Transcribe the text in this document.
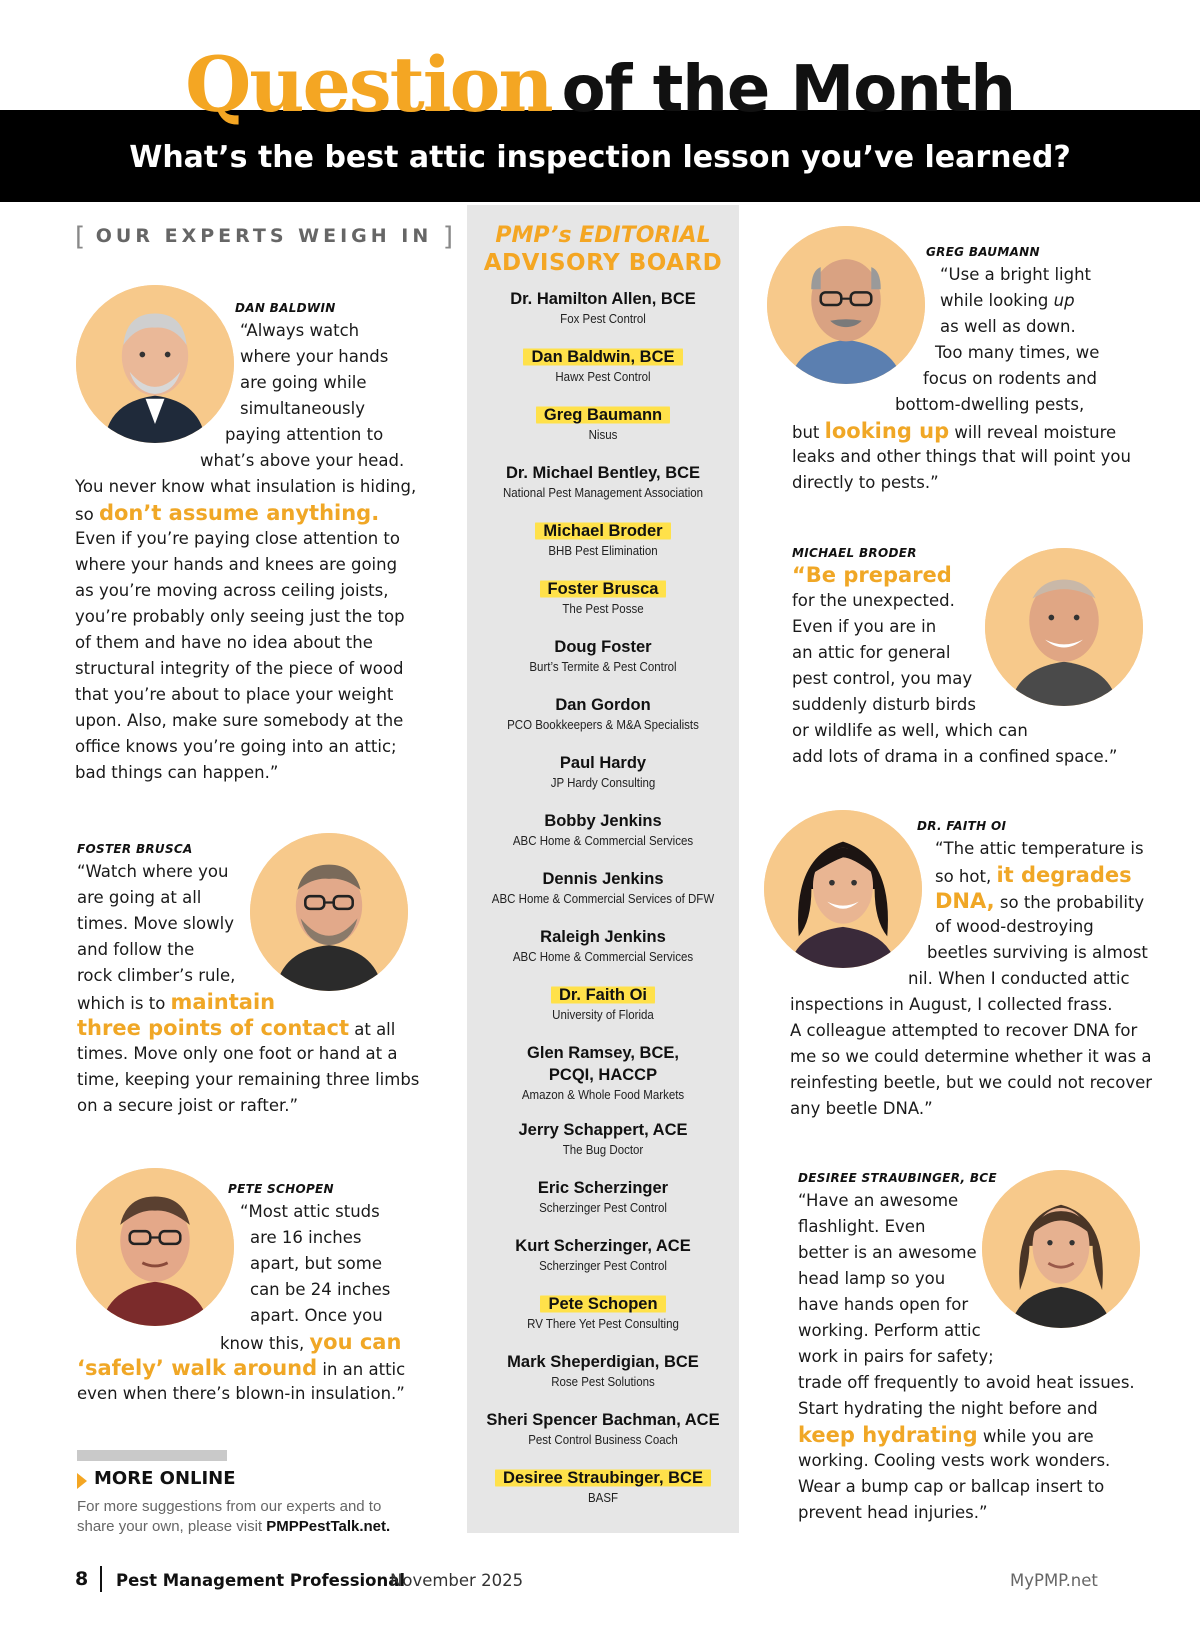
Question of the Month
What’s the best attic inspection lesson you’ve learned?
[ OUR EXPERTS WEIGH IN ]
DAN BALDWIN
FOSTER BRUSCA
PETE SCHOPEN
GREG BAUMANN
MICHAEL BRODER
DR. FAITH OI
DESIREE STRAUBINGER, BCE
“Always watch
where your hands
are going while
simultaneously
paying attention to
what’s above your head.
You never know what insulation is hiding,
so don’t assume anything.
Even if you’re paying close attention to
where your hands and knees are going
as you’re moving across ceiling joists,
you’re probably only seeing just the top
of them and have no idea about the
structural integrity of the piece of wood
that you’re about to place your weight
upon. Also, make sure somebody at the
office knows you’re going into an attic;
bad things can happen.”
“Watch where you
are going at all
times. Move slowly
and follow the
rock climber’s rule,
which is to maintain
three points of contact at all
times. Move only one foot or hand at a
time, keeping your remaining three limbs
on a secure joist or rafter.”
“Most attic studs
are 16 inches
apart, but some
can be 24 inches
apart. Once you
know this, you can
‘safely’ walk around in an attic
even when there’s blown-in insulation.”
“Use a bright light
while looking up
as well as down.
Too many times, we
focus on rodents and
bottom-dwelling pests,
but looking up will reveal moisture
leaks and other things that will point you
directly to pests.”
“Be prepared
for the unexpected.
Even if you are in
an attic for general
pest control, you may
suddenly disturb birds
or wildlife as well, which can
add lots of drama in a confined space.”
“The attic temperature is
so hot, it degrades
DNA, so the probability
of wood-destroying
beetles surviving is almost
nil. When I conducted attic
inspections in August, I collected frass.
A colleague attempted to recover DNA for
me so we could determine whether it was a
reinfesting beetle, but we could not recover
any beetle DNA.”
“Have an awesome
flashlight. Even
better is an awesome
head lamp so you
have hands open for
working. Perform attic
work in pairs for safety;
trade off frequently to avoid heat issues.
Start hydrating the night before and
keep hydrating while you are
working. Cooling vests work wonders.
Wear a bump cap or ballcap insert to
prevent head injuries.”
PMP’s EDITORIAL
ADVISORY BOARD
Dr. Hamilton Allen, BCE
Fox Pest Control
Dan Baldwin, BCE
Hawx Pest Control
Greg Baumann
Nisus
Dr. Michael Bentley, BCE
National Pest Management Association
Michael Broder
BHB Pest Elimination
Foster Brusca
The Pest Posse
Doug Foster
Burt’s Termite & Pest Control
Dan Gordon
PCO Bookkeepers & M&A Specialists
Paul Hardy
JP Hardy Consulting
Bobby Jenkins
ABC Home & Commercial Services
Dennis Jenkins
ABC Home & Commercial Services of DFW
Raleigh Jenkins
ABC Home & Commercial Services
Dr. Faith Oi
University of Florida
Glen Ramsey, BCE,
PCQI, HACCP
Amazon & Whole Food Markets
Jerry Schappert, ACE
The Bug Doctor
Eric Scherzinger
Scherzinger Pest Control
Kurt Scherzinger, ACE
Scherzinger Pest Control
Pete Schopen
RV There Yet Pest Consulting
Mark Sheperdigian, BCE
Rose Pest Solutions
Sheri Spencer Bachman, ACE
Pest Control Business Coach
Desiree Straubinger, BCE
BASF
MORE ONLINE
For more suggestions from our experts and to
share your own, please visit PMPPestTalk.net.
8 Pest Management Professional
November 2025	MyPMP.net
